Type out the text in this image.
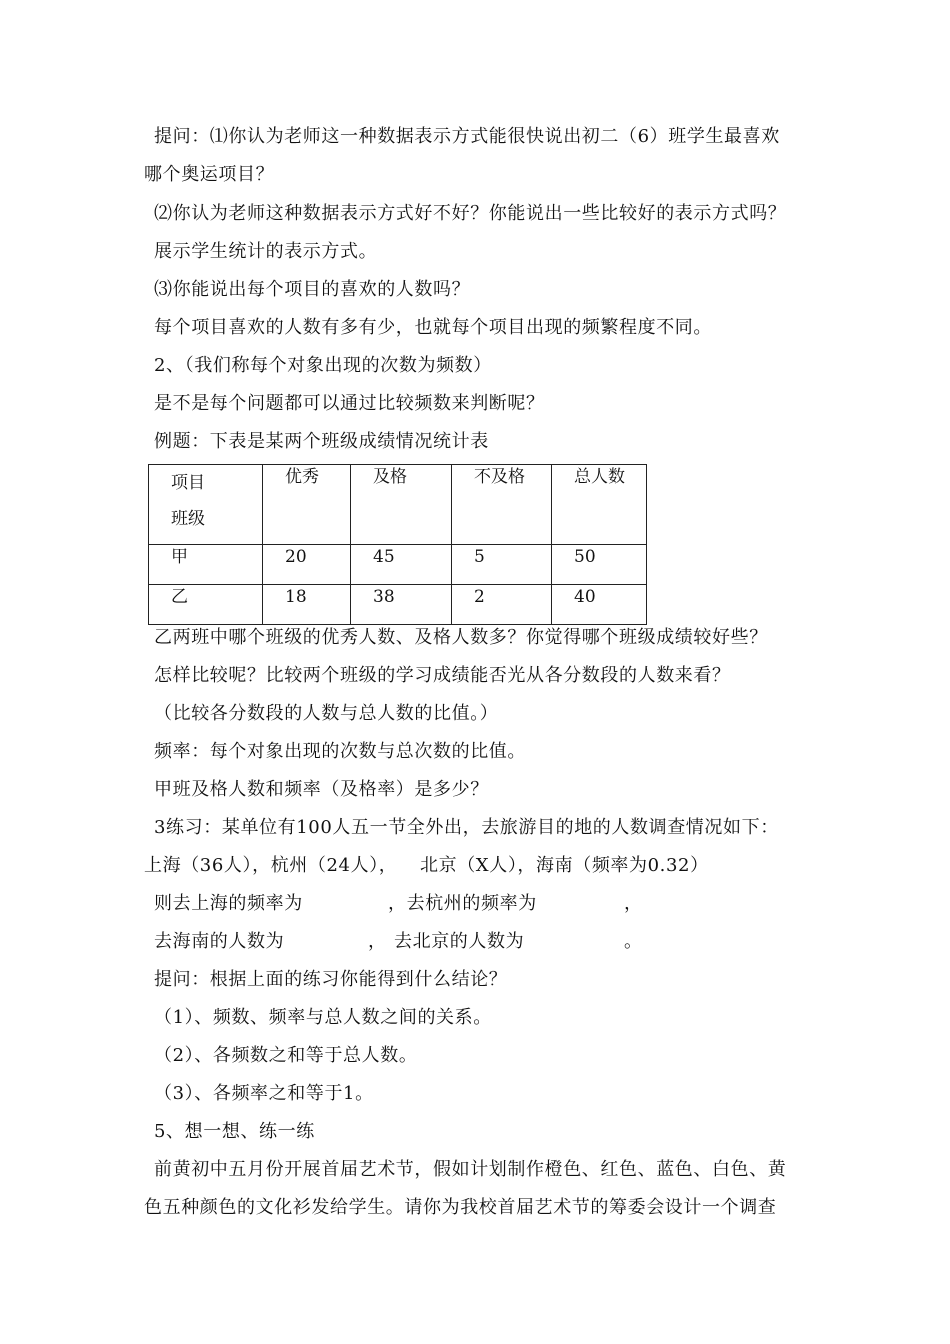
提问：⑴你认为老师这一种数据表示方式能很快说出初二（6）班学生最喜欢
哪个奥运项目？
⑵你认为老师这种数据表示方式好不好？你能说出一些比较好的表示方式吗？
展示学生统计的表示方式。
⑶你能说出每个项目的喜欢的人数吗？
每个项目喜欢的人数有多有少，也就每个项目出现的频繁程度不同。
2、（我们称每个对象出现的次数为频数）
是不是每个问题都可以通过比较频数来判断呢？
例题：下表是某两个班级成绩情况统计表
项目
班级	优秀	及格	不及格	总人数
甲	20	45	5	50
乙	18	38	2	40
乙两班中哪个班级的优秀人数、及格人数多？你觉得哪个班级成绩较好些？
怎样比较呢？比较两个班级的学习成绩能否光从各分数段的人数来看？
（比较各分数段的人数与总人数的比值。）
频率：每个对象出现的次数与总次数的比值。
甲班及格人数和频率（及格率）是多少？
3练习：某单位有100人五一节全外出，去旅游目的地的人数调查情况如下：
上海（36人），杭州（24人）， 北京（X人），海南（频率为0.32）
则去上海的频率为	，去杭州的频率为	，
去海南的人数为	， 去北京的人数为	。
提问：根据上面的练习你能得到什么结论？
（1）、频数、频率与总人数之间的关系。
（2）、各频数之和等于总人数。
（3）、各频率之和等于1。
5、想一想、练一练
前黄初中五月份开展首届艺术节，假如计划制作橙色、红色、蓝色、白色、黄
色五种颜色的文化衫发给学生。请你为我校首届艺术节的筹委会设计一个调查
